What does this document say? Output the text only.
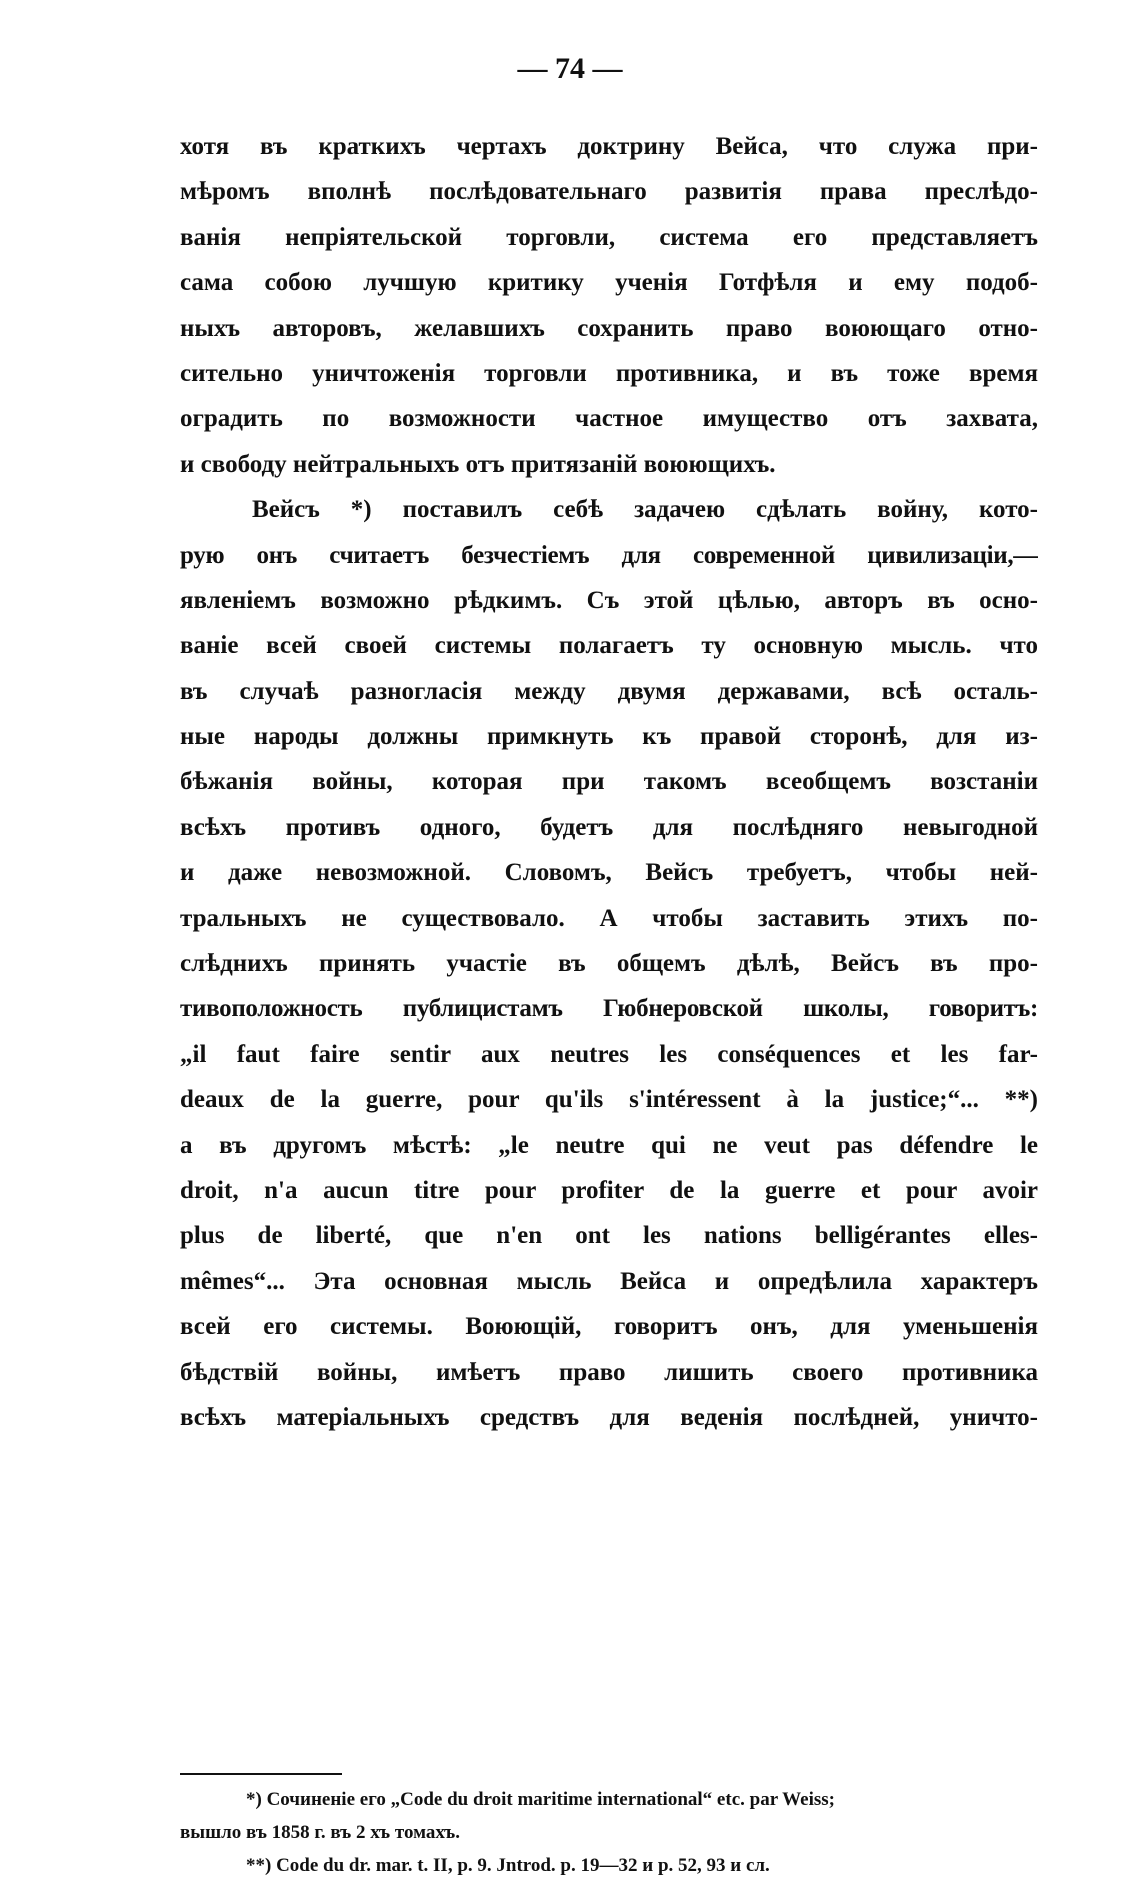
— 74 —
хотя въ краткихъ чертахъ доктрину Вейса, что служа при-
мѣромъ вполнѣ послѣдовательнаго развитія права преслѣдо-
ванія непріятельской торговли, система его представляетъ
сама собою лучшую критику ученія Готфѣля и ему подоб-
ныхъ авторовъ, желавшихъ сохранить право воюющаго отно-
сительно уничтоженія торговли противника, и въ тоже время
оградить по возможности частное имущество отъ захвата,
и свободу нейтральныхъ отъ притязаній воюющихъ.
Вейсъ *) поставилъ себѣ задачею сдѣлать войну, кото-
рую онъ считаетъ безчестіемъ для современной цивилизаціи,—
явленіемъ возможно рѣдкимъ. Съ этой цѣлью, авторъ въ осно-
ваніе всей своей системы полагаетъ ту основную мысль. что
въ случаѣ разногласія между двумя державами, всѣ осталь-
ные народы должны примкнуть къ правой сторонѣ, для из-
бѣжанія войны, которая при такомъ всеобщемъ возстаніи
всѣхъ противъ одного, будетъ для послѣдняго невыгодной
и даже невозможной. Словомъ, Вейсъ требуетъ, чтобы ней-
тральныхъ не существовало. А чтобы заставить этихъ по-
слѣднихъ принять участіе въ общемъ дѣлѣ, Вейсъ въ про-
тивоположность публицистамъ Гюбнеровской школы, говоритъ:
„il faut faire sentir aux neutres les conséquences et les far-
deaux de la guerre, pour qu'ils s'intéressent à la justice;“... **)
а въ другомъ мѣстѣ: „le neutre qui ne veut pas défendre le
droit, n'a aucun titre pour profiter de la guerre et pour avoir
plus de liberté, que n'en ont les nations belligérantes elles-
mêmes“... Эта основная мысль Вейса и опредѣлила характеръ
всей его системы. Воюющій, говоритъ онъ, для уменьшенія
бѣдствій войны, имѣетъ право лишить своего противника
всѣхъ матеріальныхъ средствъ для веденія послѣдней, уничто-
*) Сочиненіе его „Code du droit maritime international“ etc. par Weiss;
вышло въ 1858 г. въ 2 хъ томахъ.
**) Code du dr. mar. t. II, p. 9. Jntrod. p. 19—32 и p. 52, 93 и сл.
